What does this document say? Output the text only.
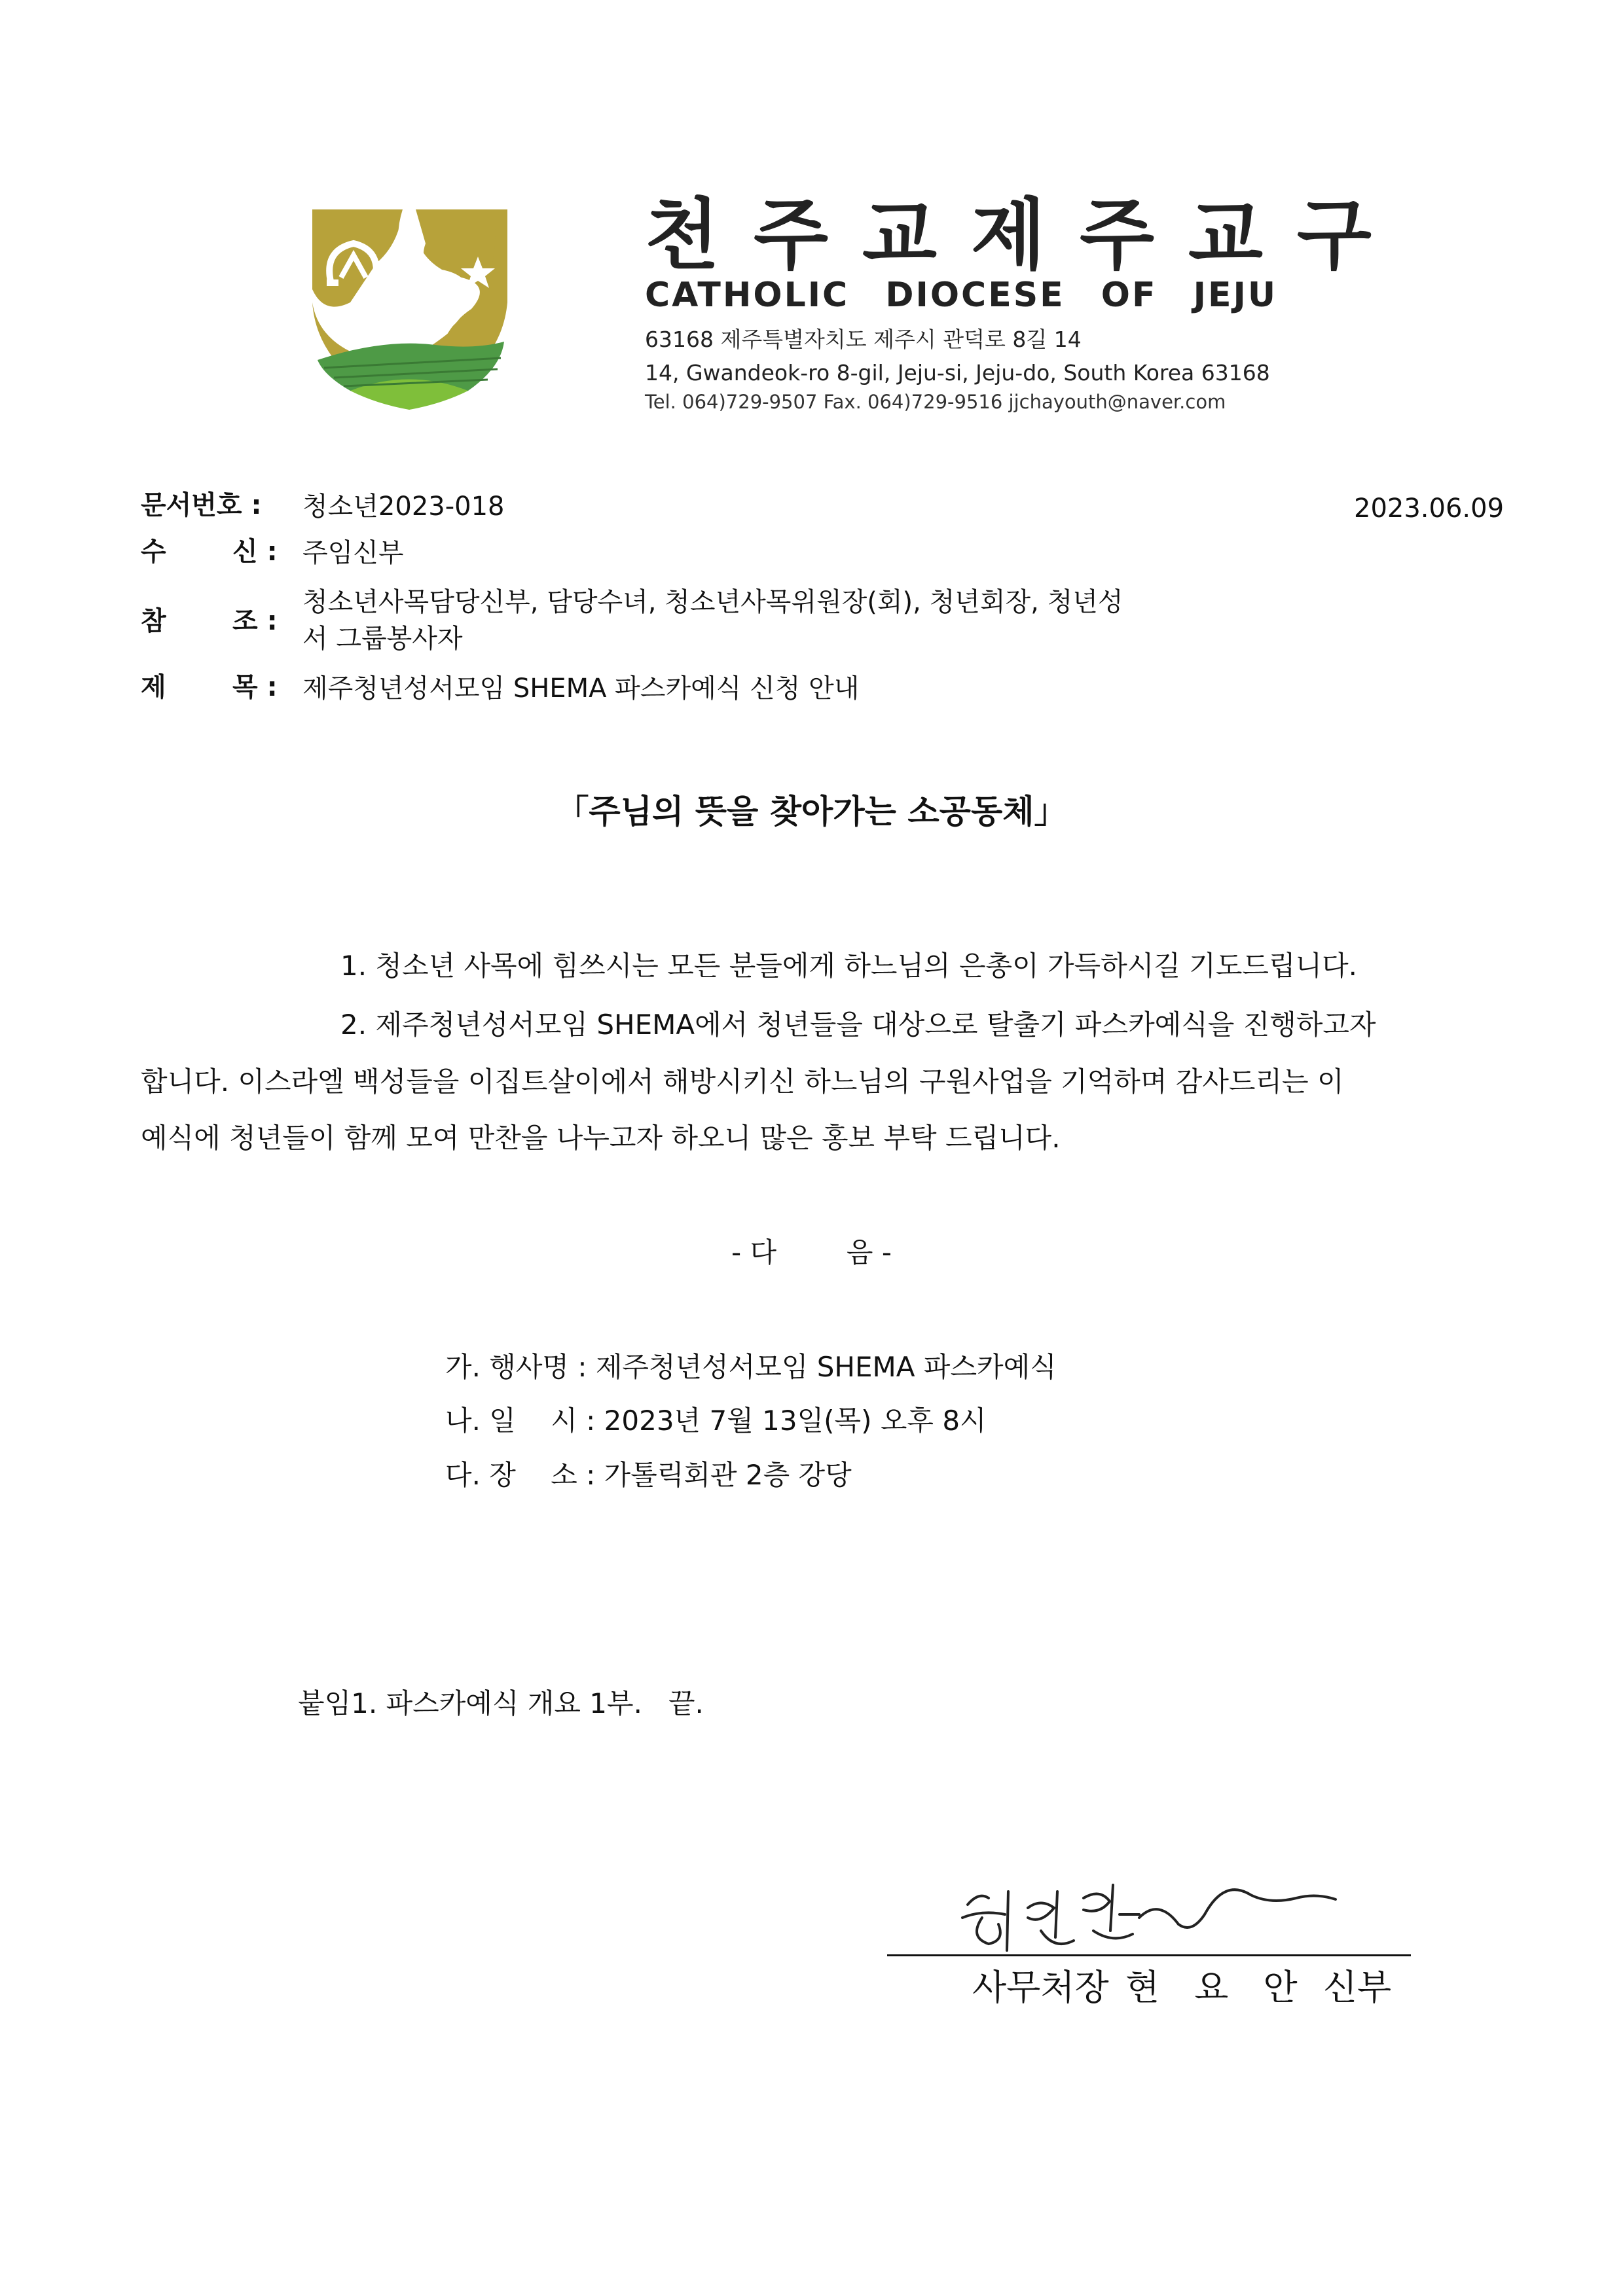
천주교제주교구
CATHOLIC DIOCESE OF JEJU
63168 제주특별자치도 제주시 관덕로 8길 14
14, Gwandeok-ro 8-gil, Jeju-si, Jeju-do, South Korea 63168
Tel. 064)729-9507 Fax. 064)729-9516 jjchayouth@naver.com
문서번호 : 청소년2023-018	2023.06.09
수	신 : 주임신부
참	조 :
청소년사목담당신부, 담당수녀, 청소년사목위원장(회), 청년회장, 청년성
서 그룹봉사자
제	목 : 제주청년성서모임 SHEMA 파스카예식 신청 안내
「주님의 뜻을 찾아가는 소공동체」
1. 청소년 사목에 힘쓰시는 모든 분들에게 하느님의 은총이 가득하시길 기도드립니다.
2. 제주청년성서모임 SHEMA에서 청년들을 대상으로 탈출기 파스카예식을 진행하고자
합니다. 이스라엘 백성들을 이집트살이에서 해방시키신 하느님의 구원사업을 기억하며 감사드리는 이
예식에 청년들이 함께 모여 만찬을 나누고자 하오니 많은 홍보 부탁 드립니다.
- 다        음 -
가. 행사명 : 제주청년성서모임 SHEMA 파스카예식
나. 일    시 : 2023년 7월 13일(목) 오후 8시
다. 장    소 : 가톨릭회관 2층 강당
붙임1. 파스카예식 개요 1부.   끝.
사무처장 현 요 안 신부
